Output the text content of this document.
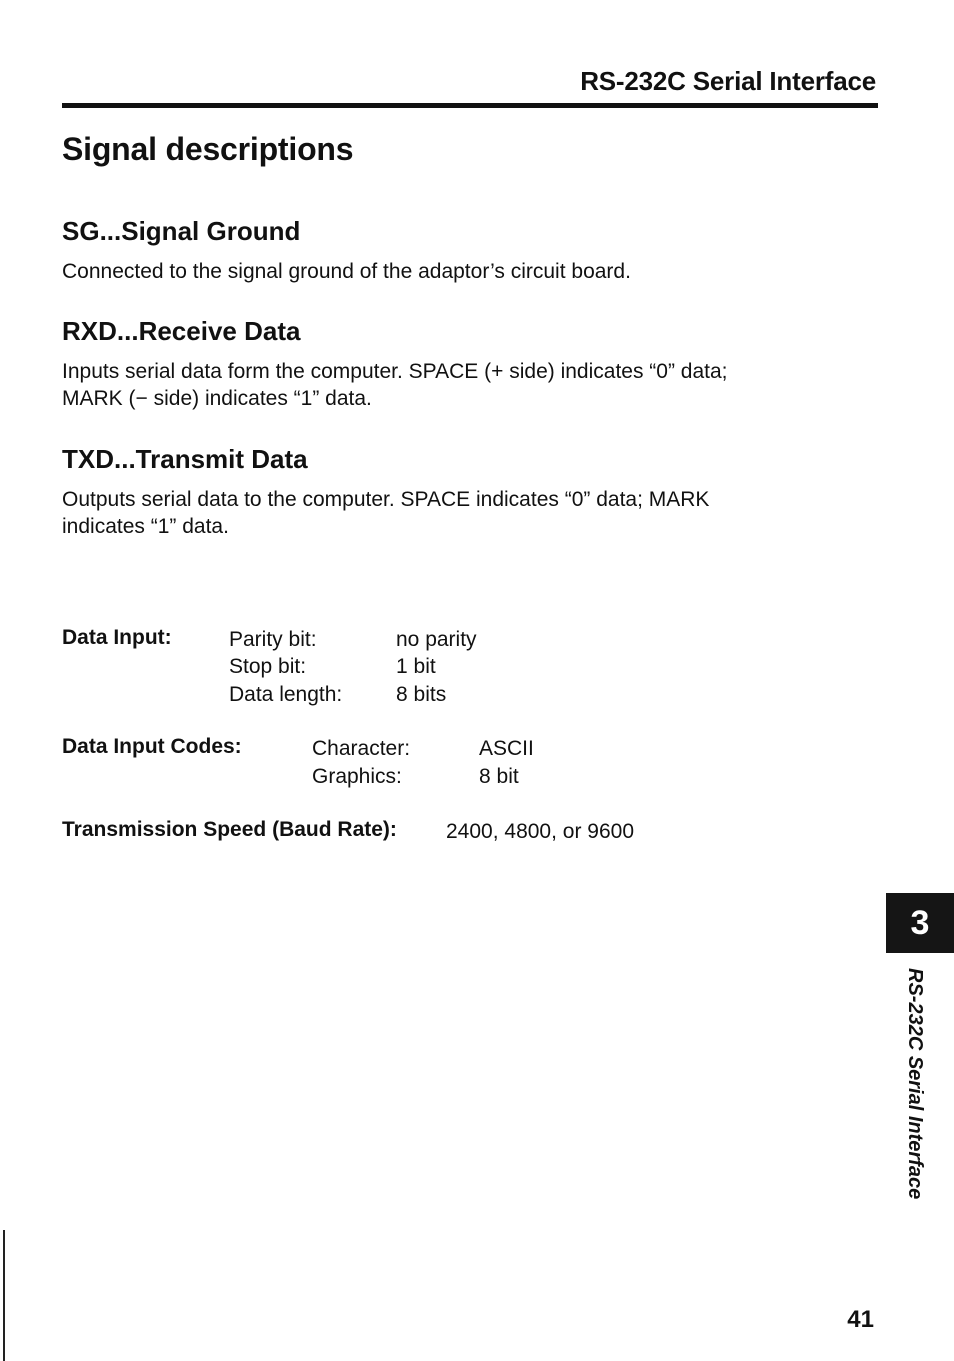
RS-232C Serial Interface
Signal descriptions
SG...Signal Ground

Connected to the signal ground of the adaptor’s circuit board.

RXD...Receive Data

Inputs serial data form the computer. SPACE (+ side) indicates “0” data;
MARK (− side) indicates “1” data.

TXD...Transmit Data

Outputs serial data to the computer. SPACE indicates “0” data; MARK
indicates “1” data.

Data Input:	Parity bit:	no parity
Stop bit:	1 bit
Data length:	8 bits
Data Input Codes:	Character:	ASCII
Graphics:	8 bit
Transmission Speed (Baud Rate): 2400, 4800, or 9600
3
RS-232C Serial Interface
41
